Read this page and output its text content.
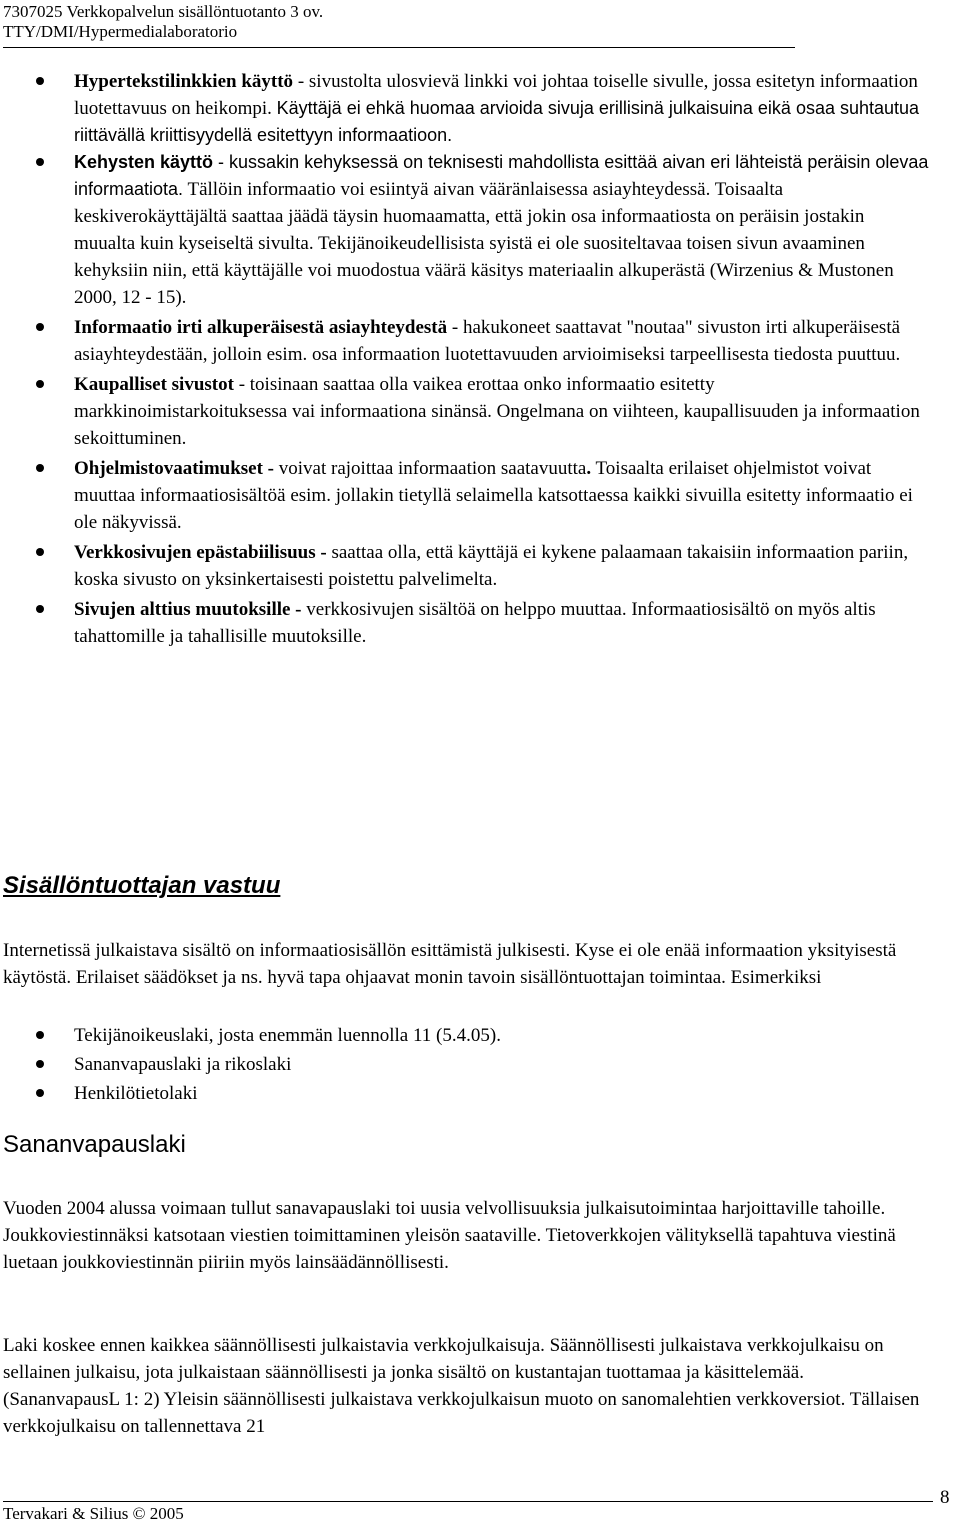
7307025 Verkkopalvelun sisällöntuotanto 3 ov.
TTY/DMI/Hypermedialaboratorio
Hypertekstilinkkien käyttö - sivustolta ulosvievä linkki voi johtaa toiselle sivulle, jossa esitetyn informaation luotettavuus on heikompi. Käyttäjä ei ehkä huomaa arvioida sivuja erillisinä julkaisuina eikä osaa suhtautua riittävällä kriittisyydellä esitettyyn informaatioon.
Kehysten käyttö - kussakin kehyksessä on teknisesti mahdollista esittää aivan eri lähteistä peräisin olevaa informaatiota. Tällöin informaatio voi esiintyä aivan vääränlaisessa asiayhteydessä. Toisaalta keskiverokäyttäjältä saattaa jäädä täysin huomaamatta, että jokin osa informaatiosta on peräisin jostakin muualta kuin kyseiseltä sivulta. Tekijänoikeudellisista syistä ei ole suositeltavaa toisen sivun avaaminen kehyksiin niin, että käyttäjälle voi muodostua väärä käsitys materiaalin alkuperästä (Wirzenius & Mustonen 2000, 12 - 15).
Informaatio irti alkuperäisestä asiayhteydestä - hakukoneet saattavat "noutaa" sivuston irti alkuperäisestä asiayhteydestään, jolloin esim. osa informaation luotettavuuden arvioimiseksi tarpeellisesta tiedosta puuttuu.
Kaupalliset sivustot - toisinaan saattaa olla vaikea erottaa onko informaatio esitetty markkinoimistarkoituksessa vai informaationa sinänsä. Ongelmana on viihteen, kaupallisuuden ja informaation sekoittuminen.
Ohjelmistovaatimukset - voivat rajoittaa informaation saatavuutta. Toisaalta erilaiset ohjelmistot voivat muuttaa informaatiosisältöä esim. jollakin tietyllä selaimella katsottaessa kaikki sivuilla esitetty informaatio ei ole näkyvissä.
Verkkosivujen epästabiilisuus - saattaa olla, että käyttäjä ei kykene palaamaan takaisiin informaation pariin, koska sivusto on yksinkertaisesti poistettu palvelimelta.
Sivujen alttius muutoksille - verkkosivujen sisältöä on helppo muuttaa. Informaatiosisältö on myös altis tahattomille ja tahallisille muutoksille.
Sisällöntuottajan vastuu
Internetissä julkaistava sisältö on informaatiosisällön esittämistä julkisesti. Kyse ei ole enää informaation yksityisestä käytöstä. Erilaiset säädökset ja ns. hyvä tapa ohjaavat monin tavoin sisällöntuottajan toimintaa. Esimerkiksi
Tekijänoikeuslaki, josta enemmän luennolla 11 (5.4.05).
Sananvapauslaki ja rikoslaki
Henkilötietolaki
Sananvapauslaki
Vuoden 2004 alussa voimaan tullut sanavapauslaki toi uusia velvollisuuksia julkaisutoimintaa harjoittaville tahoille. Joukkoviestinnäksi katsotaan viestien toimittaminen yleisön saataville. Tietoverkkojen välityksellä tapahtuva viestinä luetaan joukkoviestinnän piiriin myös lainsäädännöllisesti.
Laki koskee ennen kaikkea säännöllisesti julkaistavia verkkojulkaisuja. Säännöllisesti julkaistava verkkojulkaisu on sellainen julkaisu, jota julkaistaan säännöllisesti ja jonka sisältö on kustantajan tuottamaa ja käsittelemää. (SananvapausL 1: 2) Yleisin säännöllisesti julkaistava verkkojulkaisun muoto on sanomalehtien verkkoversiot. Tällaisen verkkojulkaisu on tallennettava 21
Tervakari & Silius © 2005
8
